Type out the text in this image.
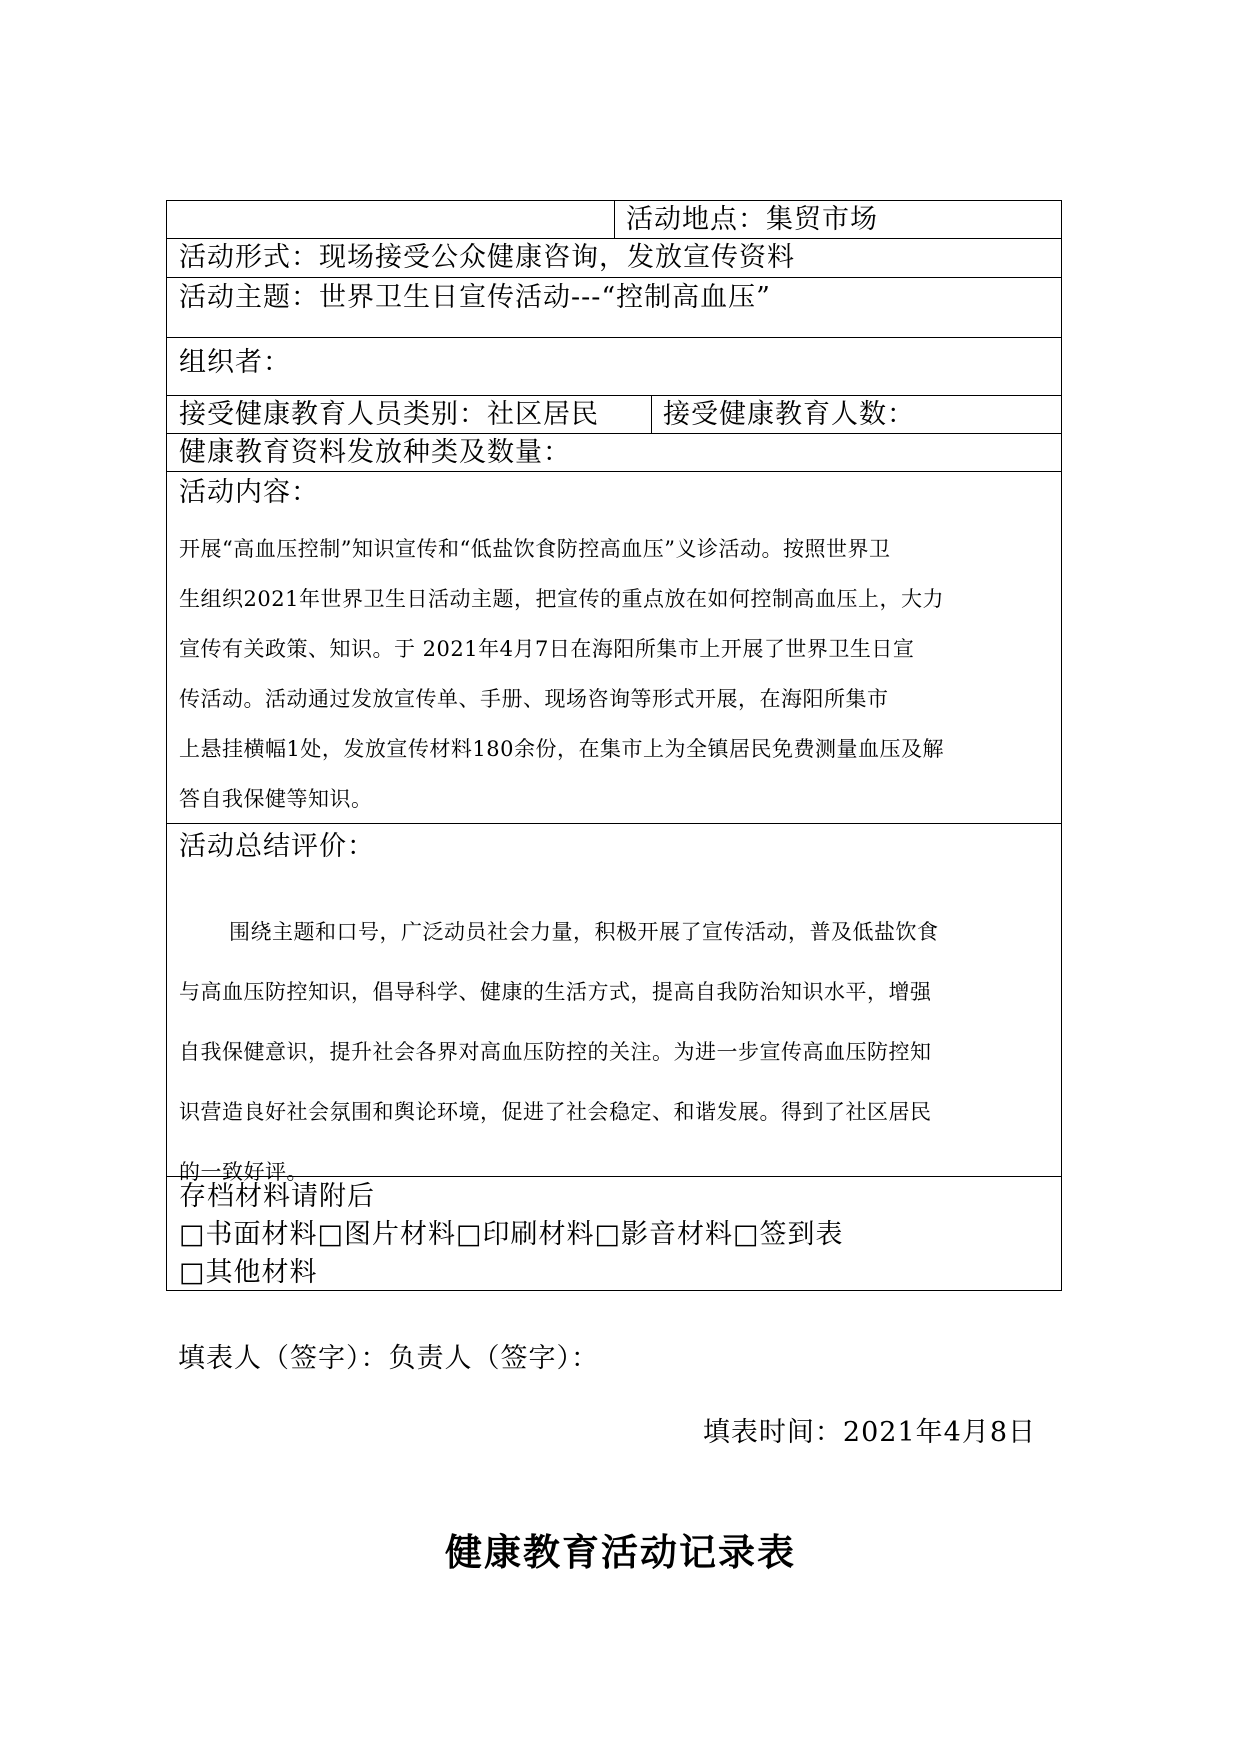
活动地点：集贸市场
活动形式：现场接受公众健康咨询，发放宣传资料
活动主题：世界卫生日宣传活动---“控制高血压”
组织者：
接受健康教育人员类别：社区居民 接受健康教育人数：
健康教育资料发放种类及数量：
活动内容：
开展“高血压控制”知识宣传和“低盐饮食防控高血压”义诊活动。按照世界卫
生组织2021年世界卫生日活动主题，把宣传的重点放在如何控制高血压上，大力
宣传有关政策、知识。于 2021年4月7日在海阳所集市上开展了世界卫生日宣
传活动。活动通过发放宣传单、手册、现场咨询等形式开展，在海阳所集市
上悬挂横幅1处，发放宣传材料180余份，在集市上为全镇居民免费测量血压及解
答自我保健等知识。
活动总结评价：
围绕主题和口号，广泛动员社会力量，积极开展了宣传活动，普及低盐饮食
与高血压防控知识，倡导科学、健康的生活方式，提高自我防治知识水平，增强
自我保健意识，提升社会各界对高血压防控的关注。为进一步宣传高血压防控知
识营造良好社会氛围和舆论环境，促进了社会稳定、和谐发展。得到了社区居民
的一致好评。
存档材料请附后
□书面材料□图片材料□印刷材料□影音材料□签到表
□其他材料
填表人（签字）：负责人（签字）：
填表时间：2021年4月8日
健康教育活动记录表
